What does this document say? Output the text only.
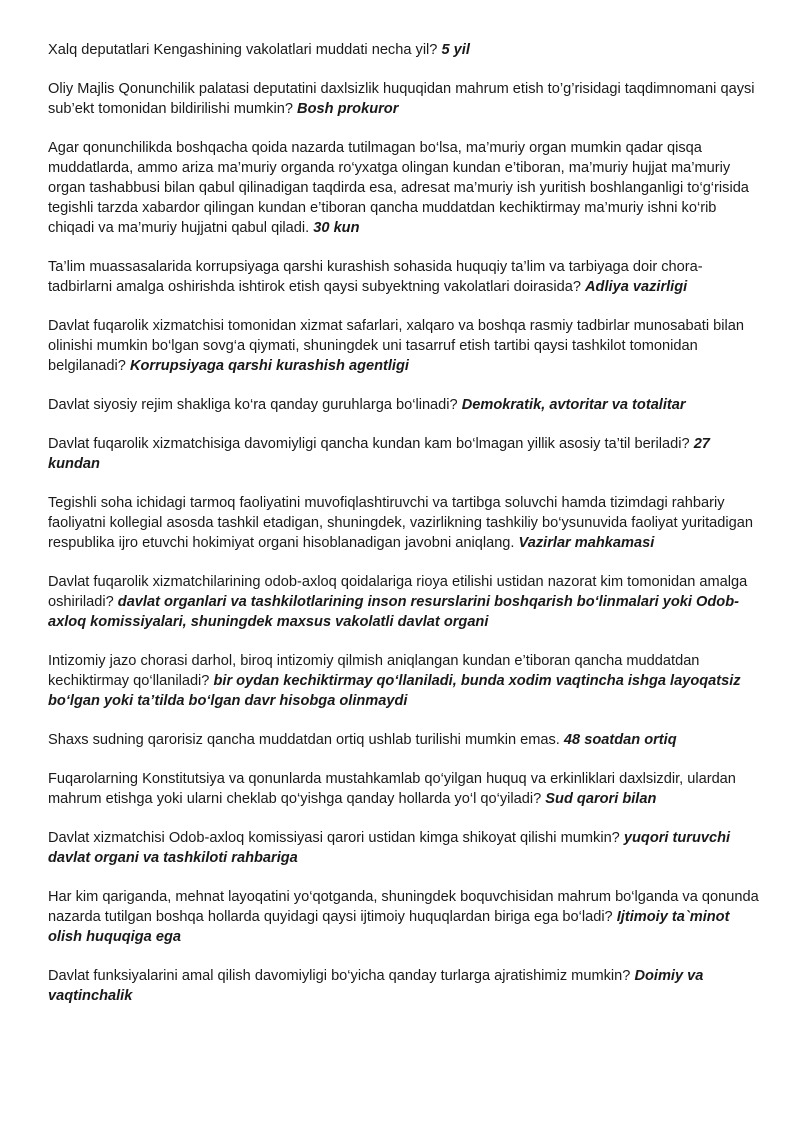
Xalq deputatlari Kengashining vakolatlari muddati necha yil? 5 yil

Oliy Majlis Qonunchilik palatasi deputatini daxlsizlik huquqidan mahrum etish to’g’risidagi taqdimnomani qaysi sub’ekt tomonidan bildirilishi mumkin? Bosh prokuror

Agar qonunchilikda boshqacha qoida nazarda tutilmagan bo‘lsa, ma’muriy organ mumkin qadar qisqa muddatlarda, ammo ariza ma’muriy organda ro‘yxatga olingan kundan e’tiboran, ma’muriy hujjat ma’muriy organ tashabbusi bilan qabul qilinadigan taqdirda esa, adresat ma’muriy ish yuritish boshlanganligi to‘g‘risida tegishli tarzda xabardor qilingan kundan e’tiboran qancha muddatdan kechiktirmay ma’muriy ishni ko‘rib chiqadi va ma’muriy hujjatni qabul qiladi. 30 kun

Ta’lim muassasalarida korrupsiyaga qarshi kurashish sohasida huquqiy ta’lim va tarbiyaga doir chora-tadbirlarni amalga oshirishda ishtirok etish qaysi subyektning vakolatlari doirasida? Adliya vazirligi

Davlat fuqarolik xizmatchisi tomonidan xizmat safarlari, xalqaro va boshqa rasmiy tadbirlar munosabati bilan olinishi mumkin bo‘lgan sovg‘a qiymati, shuningdek uni tasarruf etish tartibi qaysi tashkilot tomonidan belgilanadi? Korrupsiyaga qarshi kurashish agentligi

Davlat siyosiy rejim shakliga ko‘ra qanday guruhlarga bo‘linadi? Demokratik, avtoritar va totalitar

Davlat fuqarolik xizmatchisiga davomiyligi qancha kundan kam bo‘lmagan yillik asosiy ta’til beriladi? 27 kundan

Tegishli soha ichidagi tarmoq faoliyatini muvofiqlashtiruvchi va tartibga soluvchi hamda tizimdagi rahbariy faoliyatni kollegial asosda tashkil etadigan, shuningdek, vazirlikning tashkiliy bo‘ysunuvida faoliyat yuritadigan respublika ijro etuvchi hokimiyat organi hisoblanadigan javobni aniqlang. Vazirlar mahkamasi

Davlat fuqarolik xizmatchilarining odob-axloq qoidalariga rioya etilishi ustidan nazorat kim tomonidan amalga oshiriladi? davlat organlari va tashkilotlarining inson resurslarini boshqarish bo‘linmalari yoki Odob-axloq komissiyalari, shuningdek maxsus vakolatli davlat organi

Intizomiy jazo chorasi darhol, biroq intizomiy qilmish aniqlangan kundan e’tiboran qancha muddatdan kechiktirmay qo‘llaniladi? bir oydan kechiktirmay qo‘llaniladi, bunda xodim vaqtincha ishga layoqatsiz bo‘lgan yoki ta’tilda bo‘lgan davr hisobga olinmaydi

Shaxs sudning qarorisiz qancha muddatdan ortiq ushlab turilishi mumkin emas. 48 soatdan ortiq

Fuqarolarning Konstitutsiya va qonunlarda mustahkamlab qo‘yilgan huquq va erkinliklari daxlsizdir, ulardan mahrum etishga yoki ularni cheklab qo‘yishga qanday hollarda yo‘l qo‘yiladi? Sud qarori bilan

Davlat xizmatchisi Odob-axloq komissiyasi qarori ustidan kimga shikoyat qilishi mumkin? yuqori turuvchi davlat organi va tashkiloti rahbariga

Har kim qariganda, mehnat layoqatini yo‘qotganda, shuningdek boquvchisidan mahrum bo‘lganda va qonunda nazarda tutilgan boshqa hollarda quyidagi qaysi ijtimoiy huquqlardan biriga ega bo‘ladi? Ijtimoiy ta`minot olish huquqiga ega

Davlat funksiyalarini amal qilish davomiyligi bo‘yicha qanday turlarga ajratishimiz mumkin? Doimiy va vaqtinchalik
